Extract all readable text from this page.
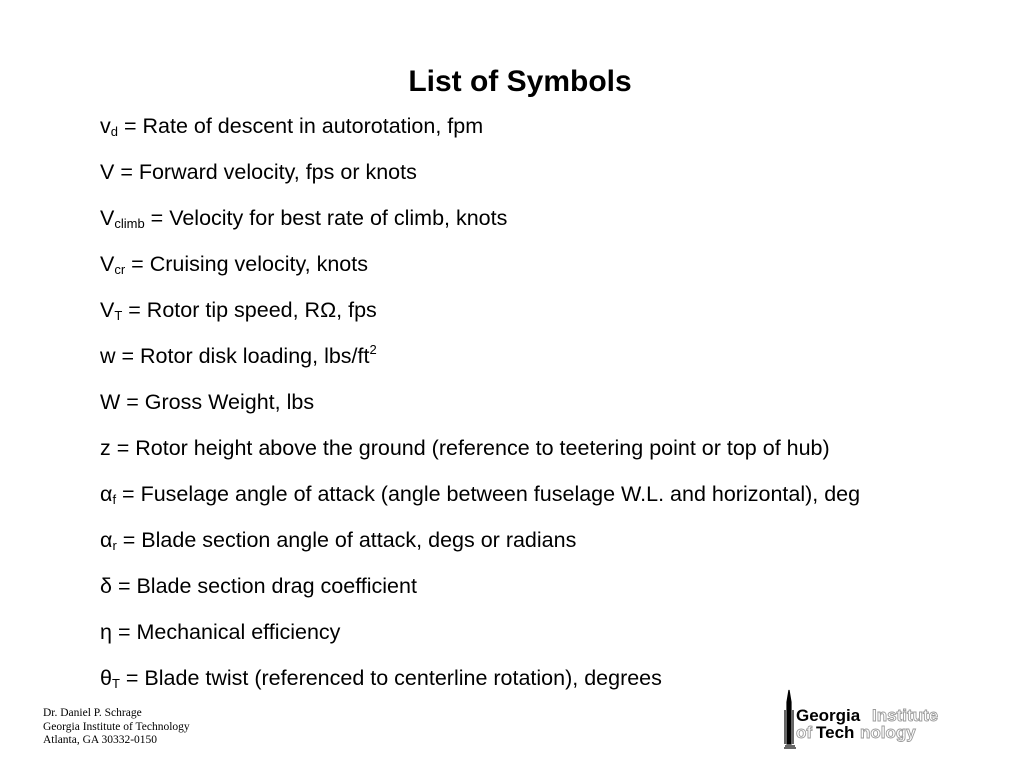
List of Symbols
$v_d$ = Rate of descent in autorotation, fpm
V = Forward velocity, fps or knots
$V_{climb}$ = Velocity for best rate of climb, knots
$V_{cr}$ = Cruising velocity, knots
$V_T$ = Rotor tip speed, RΩ, fps
w = Rotor disk loading, lbs/$ft^2$
W = Gross Weight, lbs
z = Rotor height above the ground (reference to teetering point or top of hub)
$\alpha_f$ = Fuselage angle of attack (angle between fuselage W.L. and horizontal), deg
$\alpha_r$ = Blade section angle of attack, degs or radians
δ = Blade section drag coefficient
η = Mechanical efficiency
$\theta_T$ = Blade twist (referenced to centerline rotation), degrees
Dr. Daniel P. Schrage
Georgia Institute of Technology
Atlanta, GA 30332-0150
Georgia Institute
of Tech nology
